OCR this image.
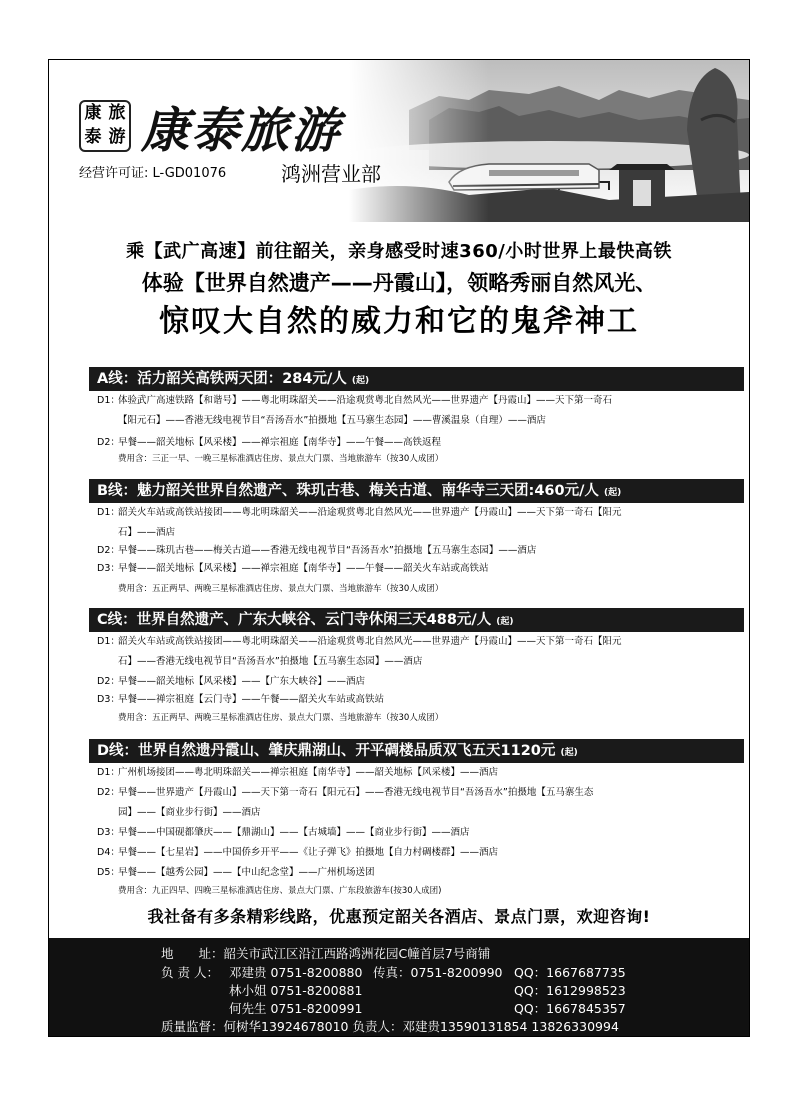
康 旅
泰 游 康泰旅游
经营许可证: L-GD01076	鸿洲营业部
乘【武广高速】前往韶关，亲身感受时速360/小时世界上最快高铁
体验【世界自然遗产——丹霞山】，领略秀丽自然风光、
惊叹大自然的威力和它的鬼斧神工
A线：活力韶关高铁两天团：284元/人 (起)
D1：体验武广高速铁路【和谐号】——粤北明珠韶关——沿途观赏粤北自然风光——世界遗产【丹霞山】——天下第一奇石
【阳元石】——香港无线电视节目“吾汤吾水”拍摄地【五马寨生态园】——曹溪温泉（自理）——酒店
D2：早餐——韶关地标【风采楼】——禅宗祖庭【南华寺】——午餐——高铁返程
费用含：三正一早、一晚三星标准酒店住房、景点大门票、当地旅游车（按30人成团）
B线：魅力韶关世界自然遗产、珠玑古巷、梅关古道、南华寺三天团:460元/人 (起)
D1：韶关火车站或高铁站接团——粤北明珠韶关——沿途观赏粤北自然风光——世界遗产【丹霞山】——天下第一奇石【阳元
石】——酒店
D2：早餐——珠玑古巷——梅关古道——香港无线电视节目“吾汤吾水”拍摄地【五马寨生态园】——酒店
D3：早餐——韶关地标【风采楼】——禅宗祖庭【南华寺】——午餐——韶关火车站或高铁站
费用含：五正两早、两晚三星标准酒店住房、景点大门票、当地旅游车（按30人成团）
C线：世界自然遗产、广东大峡谷、云门寺休闲三天488元/人 (起)
D1：韶关火车站或高铁站接团——粤北明珠韶关——沿途观赏粤北自然风光——世界遗产【丹霞山】——天下第一奇石【阳元
石】——香港无线电视节目“吾汤吾水”拍摄地【五马寨生态园】——酒店
D2：早餐——韶关地标【风采楼】——【广东大峡谷】——酒店
D3：早餐——禅宗祖庭【云门寺】——午餐——韶关火车站或高铁站
费用含：五正两早、两晚三星标准酒店住房、景点大门票、当地旅游车（按30人成团）
D线：世界自然遗丹霞山、肇庆鼎湖山、开平碉楼品质双飞五天1120元 (起)
D1：广州机场接团——粤北明珠韶关——禅宗祖庭【南华寺】——韶关地标【风采楼】——酒店
D2：早餐——世界遗产【丹霞山】——天下第一奇石【阳元石】——香港无线电视节目“吾汤吾水”拍摄地【五马寨生态
园】——【商业步行街】——酒店
D3：早餐——中国砚都肇庆——【鼎湖山】——【古城墙】——【商业步行街】——酒店
D4：早餐——【七星岩】——中国侨乡开平——《让子弹飞》拍摄地【自力村碉楼群】——酒店
D5：早餐——【越秀公园】——【中山纪念堂】——广州机场送团
费用含：九正四早、四晚三星标准酒店住房、景点大门票、广东段旅游车(按30人成团)
我社备有多条精彩线路，优惠预定韶关各酒店、景点门票，欢迎咨询!
地　　址：韶关市武江区沿江西路鸿洲花园C幢首层7号商铺
负 责 人： 邓建贵 0751-8200880 传真：0751-8200990 QQ：1667687735
林小姐 0751-8200881	QQ：1612998523
何先生 0751-8200991	QQ：1667845357
质量监督：何树华13924678010 负责人：邓建贵13590131854 13826330994
